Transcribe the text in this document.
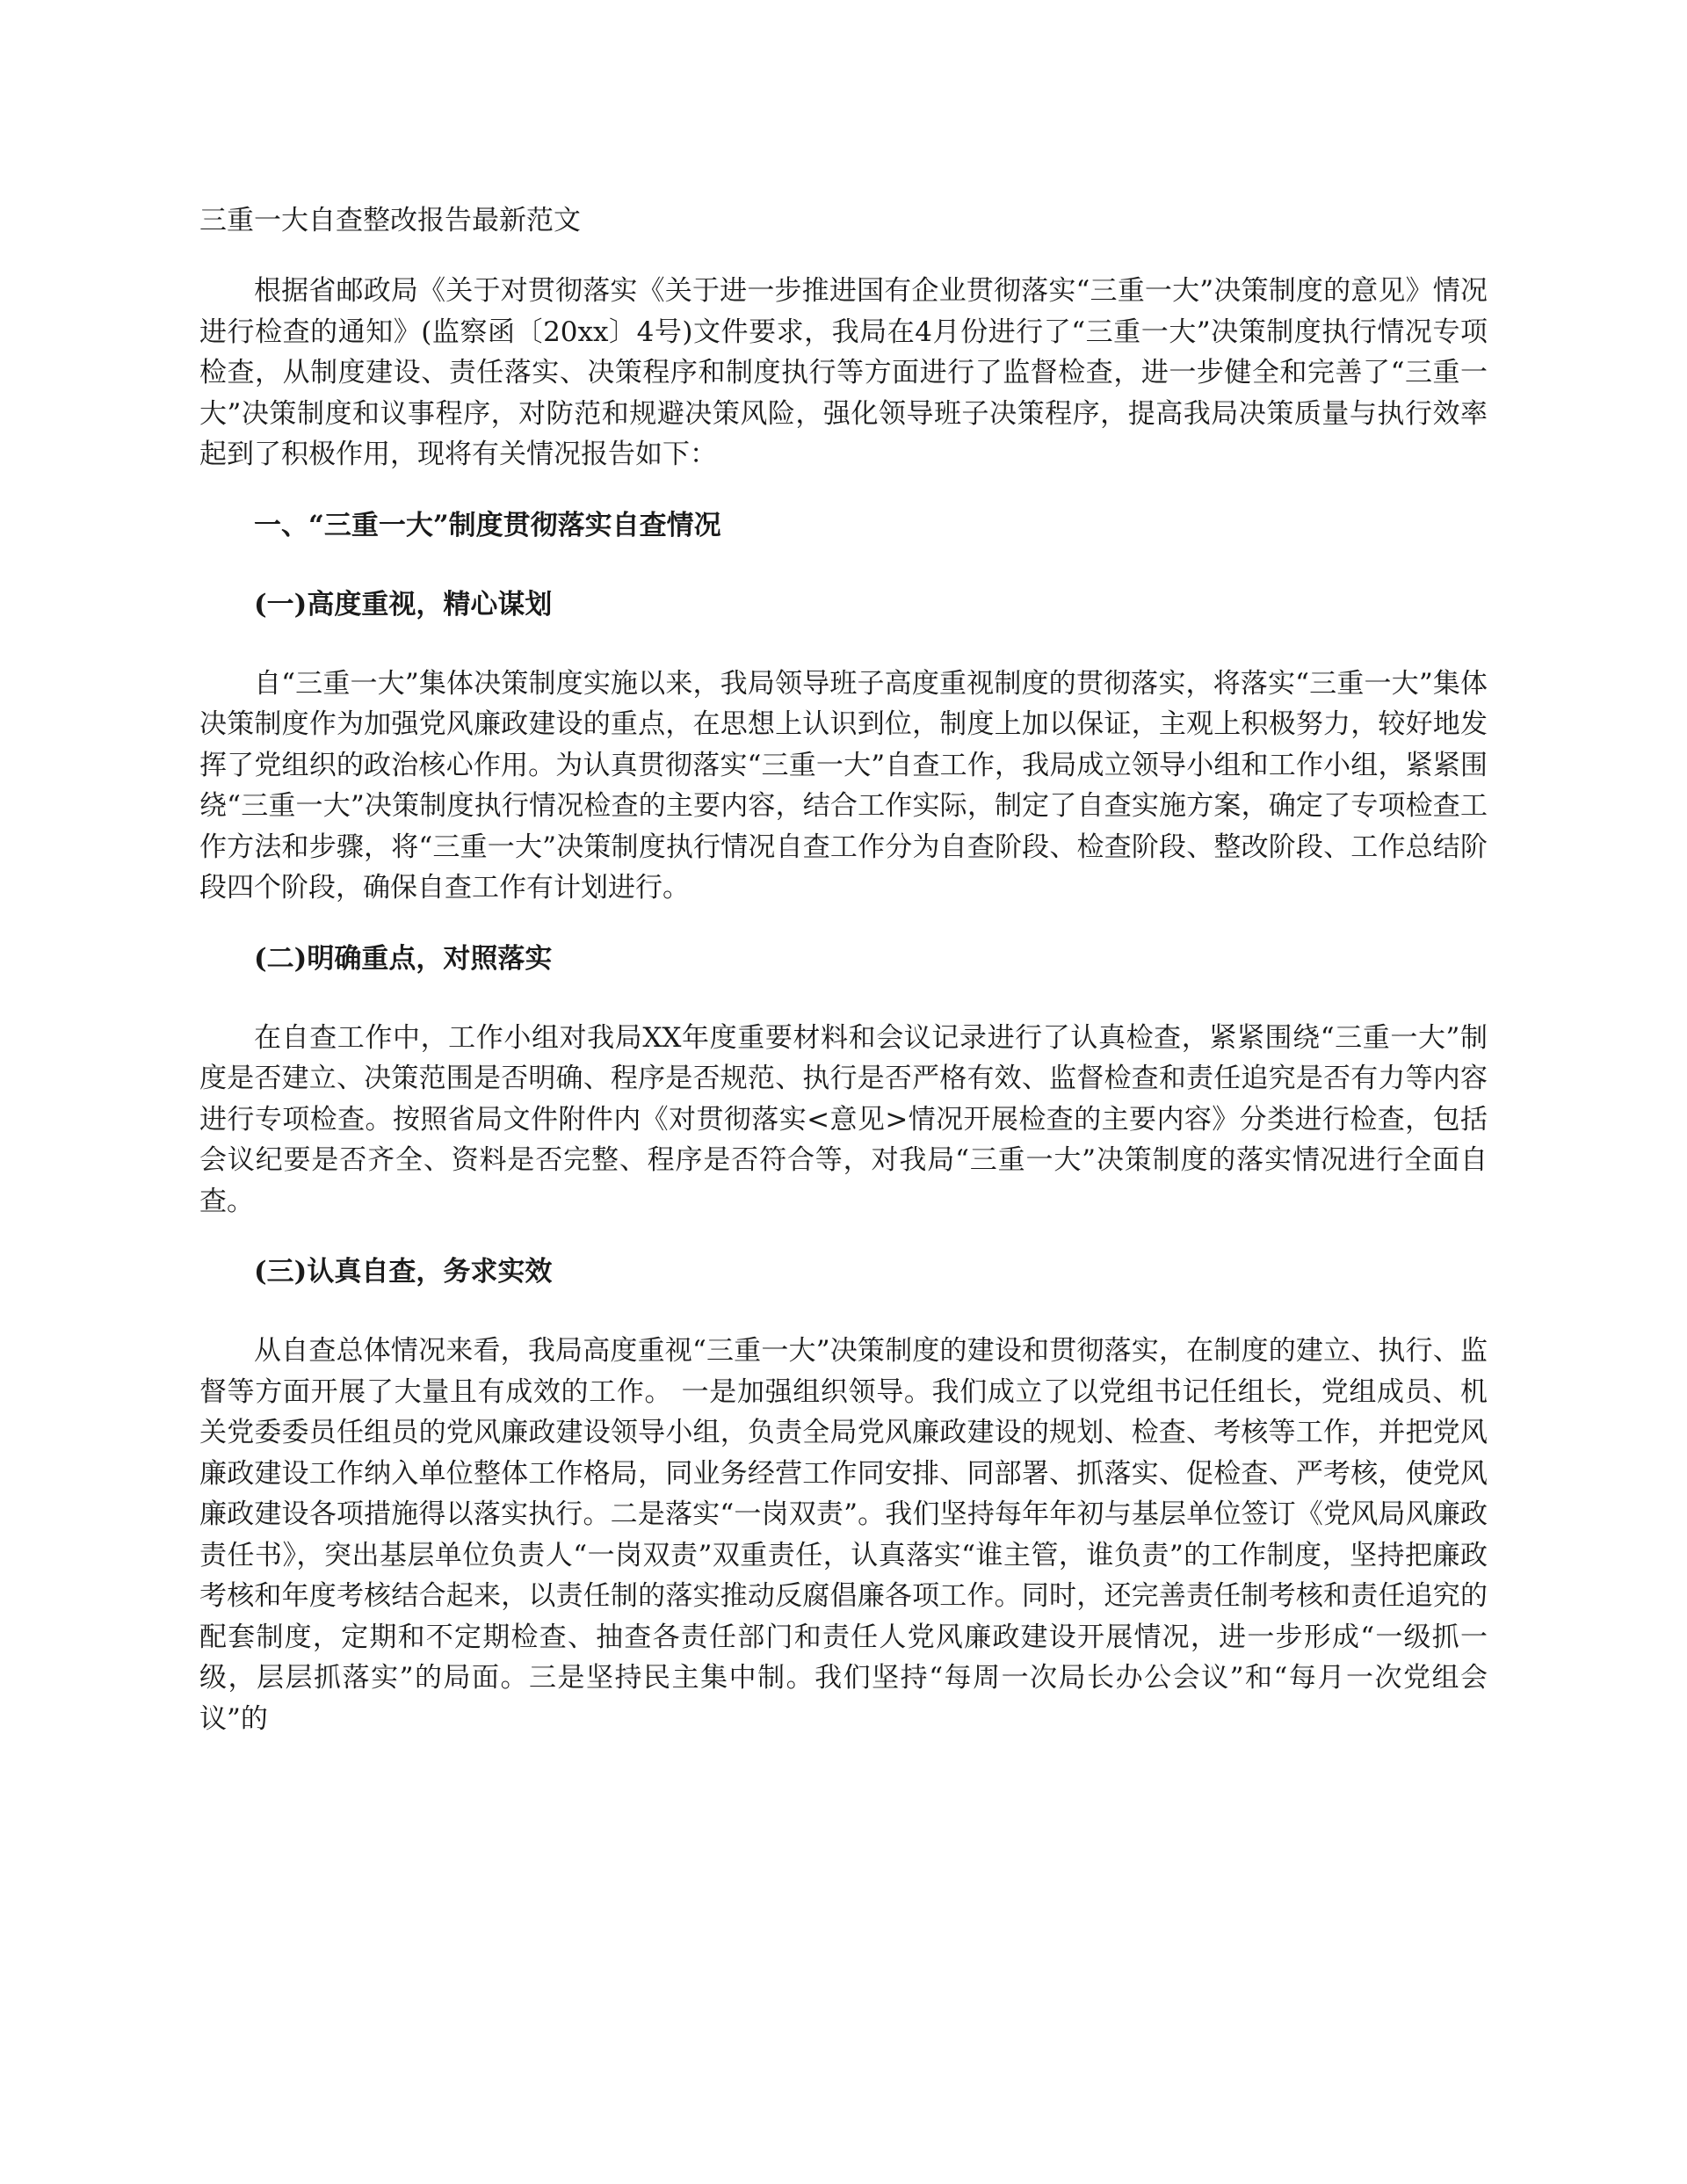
三重一大自查整改报告最新范文

根据省邮政局《关于对贯彻落实《关于进一步推进国有企业贯彻落实“三重一大”决策制度的意见》情况进行检查的通知》(监察函〔20xx〕4号)文件要求，我局在4月份进行了“三重一大”决策制度执行情况专项检查，从制度建设、责任落实、决策程序和制度执行等方面进行了监督检查，进一步健全和完善了“三重一大”决策制度和议事程序，对防范和规避决策风险，强化领导班子决策程序，提高我局决策质量与执行效率起到了积极作用，现将有关情况报告如下：

一、“三重一大”制度贯彻落实自查情况
(一)高度重视，精心谋划

自“三重一大”集体决策制度实施以来，我局领导班子高度重视制度的贯彻落实，将落实“三重一大”集体决策制度作为加强党风廉政建设的重点，在思想上认识到位，制度上加以保证，主观上积极努力，较好地发挥了党组织的政治核心作用。为认真贯彻落实“三重一大”自查工作，我局成立领导小组和工作小组，紧紧围绕“三重一大”决策制度执行情况检查的主要内容，结合工作实际，制定了自查实施方案，确定了专项检查工作方法和步骤，将“三重一大”决策制度执行情况自查工作分为自查阶段、检查阶段、整改阶段、工作总结阶段四个阶段，确保自查工作有计划进行。

(二)明确重点，对照落实

在自查工作中，工作小组对我局XX年度重要材料和会议记录进行了认真检查，紧紧围绕“三重一大”制度是否建立、决策范围是否明确、程序是否规范、执行是否严格有效、监督检查和责任追究是否有力等内容进行专项检查。按照省局文件附件内《对贯彻落实<意见>情况开展检查的主要内容》分类进行检查，包括会议纪要是否齐全、资料是否完整、程序是否符合等，对我局“三重一大”决策制度的落实情况进行全面自查。

(三)认真自查，务求实效

从自查总体情况来看，我局高度重视“三重一大”决策制度的建设和贯彻落实，在制度的建立、执行、监督等方面开展了大量且有成效的工作。 一是加强组织领导。我们成立了以党组书记任组长，党组成员、机关党委委员任组员的党风廉政建设领导小组，负责全局党风廉政建设的规划、检查、考核等工作，并把党风廉政建设工作纳入单位整体工作格局，同业务经营工作同安排、同部署、抓落实、促检查、严考核，使党风廉政建设各项措施得以落实执行。二是落实“一岗双责”。我们坚持每年年初与基层单位签订《党风局风廉政责任书》，突出基层单位负责人“一岗双责”双重责任，认真落实“谁主管，谁负责”的工作制度，坚持把廉政考核和年度考核结合起来，以责任制的落实推动反腐倡廉各项工作。同时，还完善责任制考核和责任追究的配套制度，定期和不定期检查、抽查各责任部门和责任人党风廉政建设开展情况，进一步形成“一级抓一级，层层抓落实”的局面。三是坚持民主集中制。我们坚持“每周一次局长办公会议”和“每月一次党组会议”的
